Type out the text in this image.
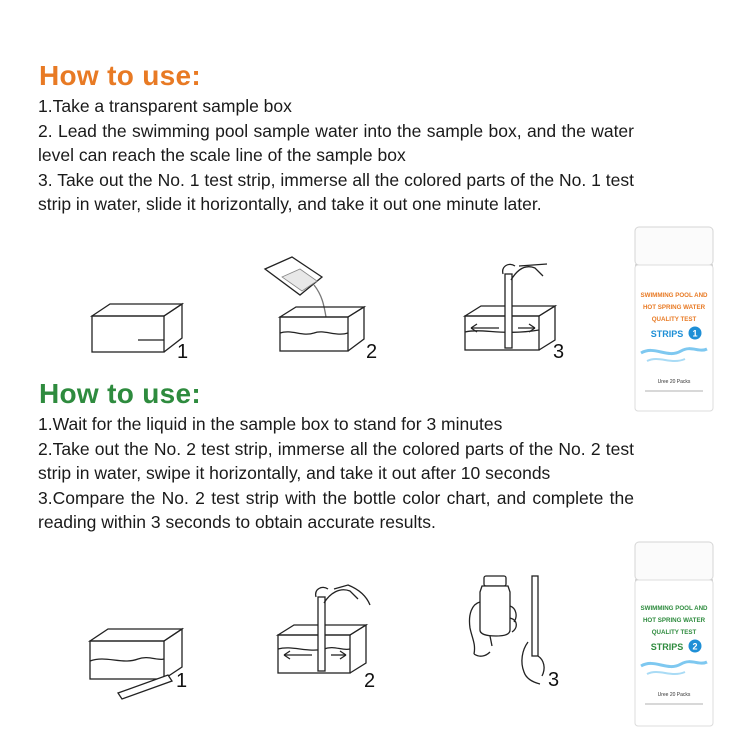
How to use:
1.Take a transparent sample box
2. Lead the swimming pool sample water into the sample box, and the water level can reach the scale line of the sample box
3. Take out the No. 1 test strip, immerse all the colored parts of the No. 1 test strip in water, slide it horizontally, and take it out one minute later.
1	2	3
SWIMMING POOL AND
HOT SPRING WATER
QUALITY TEST
STRIPS 1
Uree 20 Packs
How to use:
1.Wait for the liquid in the sample box to stand for 3 minutes
2.Take out the No. 2 test strip, immerse all the colored parts of the No. 2 test strip in water, swipe it horizontally, and take it out after 10 seconds
3.Compare the No. 2 test strip with the bottle color chart, and complete the reading within 3 seconds to obtain accurate results.
1	2	3
SWIMMING POOL AND
HOT SPRING WATER
QUALITY TEST
STRIPS 2
Uree 20 Packs
